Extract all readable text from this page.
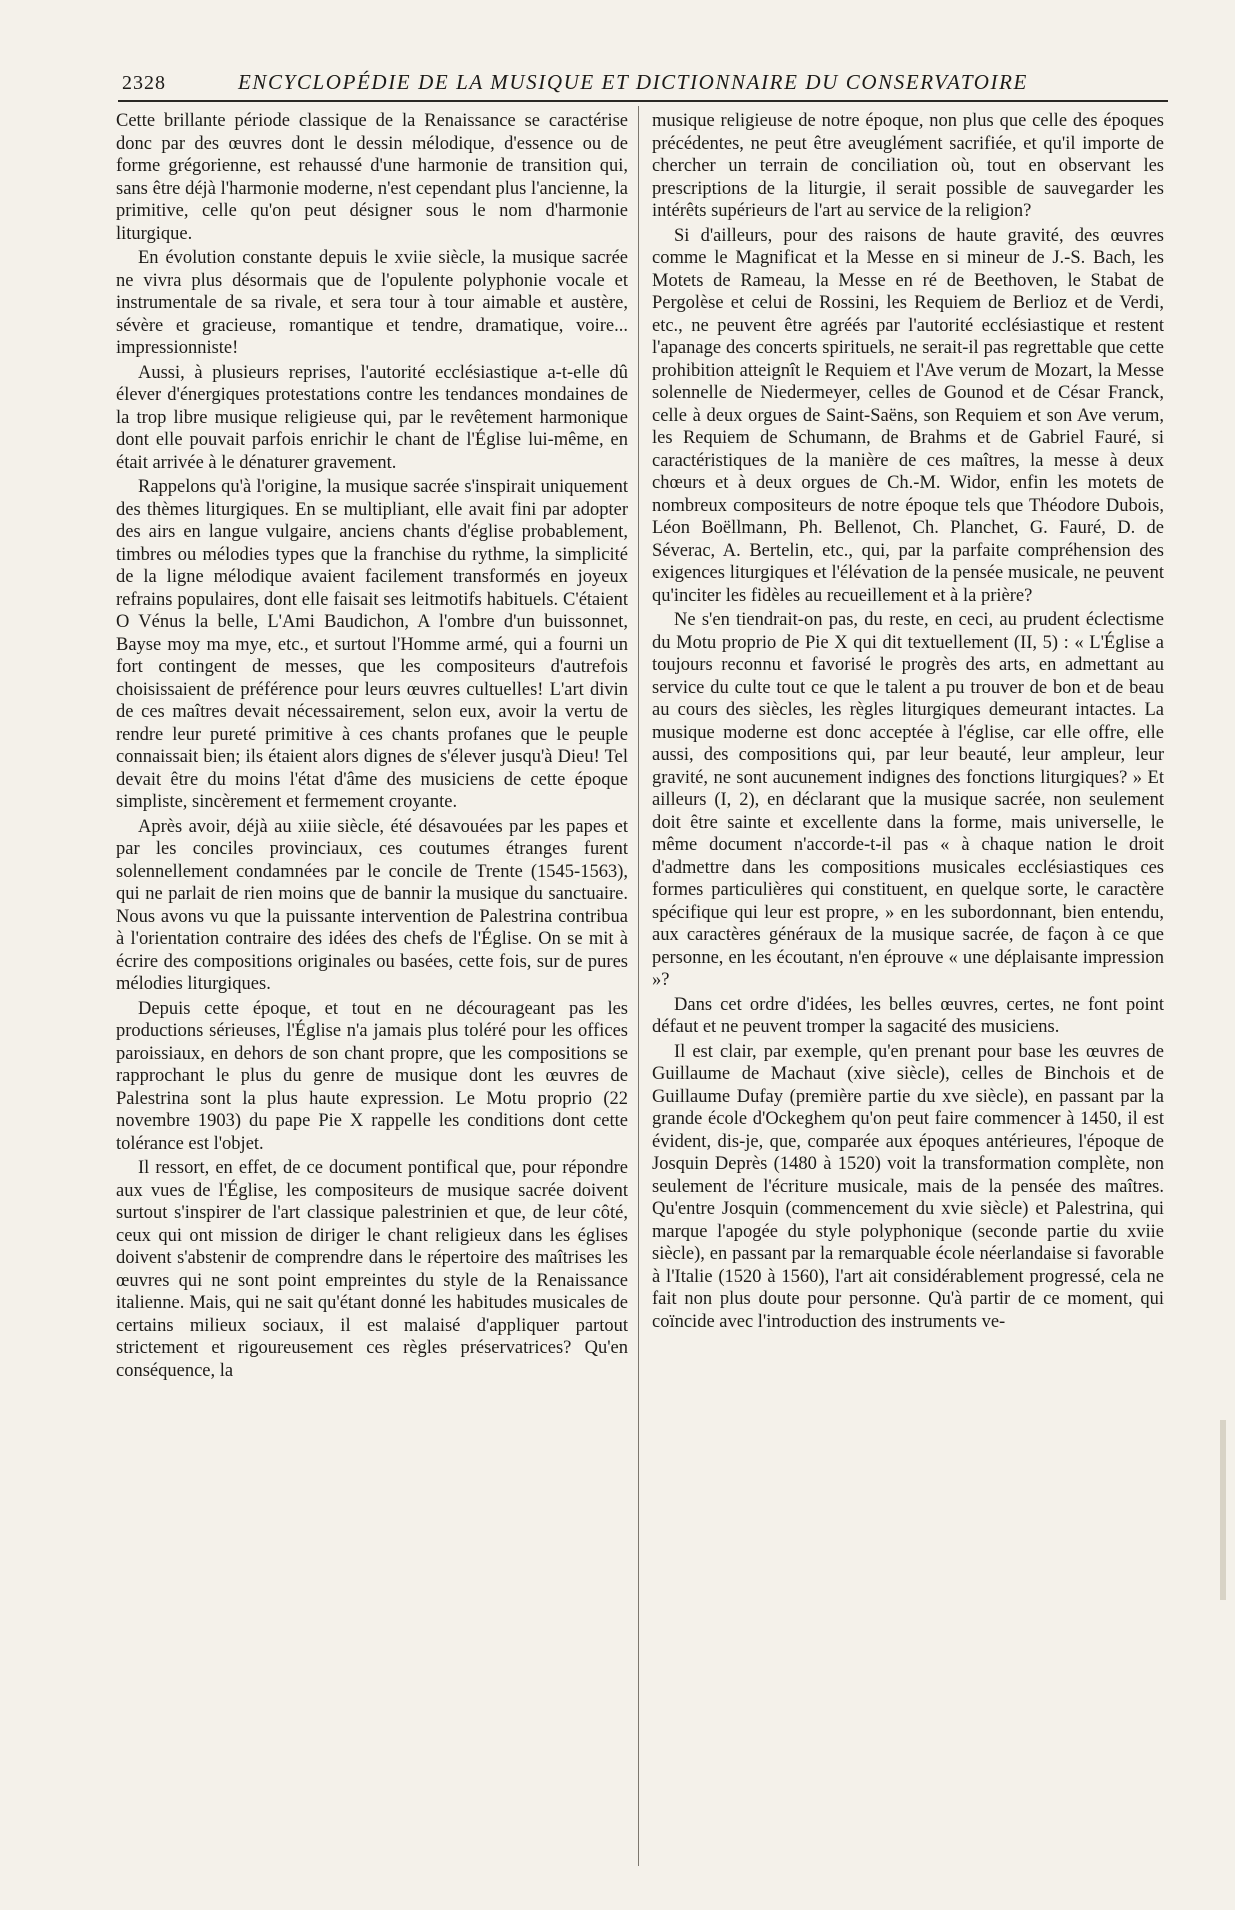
2328	ENCYCLOPÉDIE DE LA MUSIQUE ET DICTIONNAIRE DU CONSERVATOIRE

Cette brillante période classique de la Renaissance se caractérise donc par des œuvres dont le dessin mélodique, d'essence ou de forme grégorienne, est rehaussé d'une harmonie de transition qui, sans être déjà l'harmonie moderne, n'est cependant plus l'ancienne, la primitive, celle qu'on peut désigner sous le nom d'harmonie liturgique.

En évolution constante depuis le xviie siècle, la musique sacrée ne vivra plus désormais que de l'opulente polyphonie vocale et instrumentale de sa rivale, et sera tour à tour aimable et austère, sévère et gracieuse, romantique et tendre, dramatique, voire... impressionniste!

Aussi, à plusieurs reprises, l'autorité ecclésiastique a-t-elle dû élever d'énergiques protestations contre les tendances mondaines de la trop libre musique religieuse qui, par le revêtement harmonique dont elle pouvait parfois enrichir le chant de l'Église lui-même, en était arrivée à le dénaturer gravement.

Rappelons qu'à l'origine, la musique sacrée s'inspirait uniquement des thèmes liturgiques. En se multipliant, elle avait fini par adopter des airs en langue vulgaire, anciens chants d'église probablement, timbres ou mélodies types que la franchise du rythme, la simplicité de la ligne mélodique avaient facilement transformés en joyeux refrains populaires, dont elle faisait ses leitmotifs habituels. C'étaient O Vénus la belle, L'Ami Baudichon, A l'ombre d'un buissonnet, Bayse moy ma mye, etc., et surtout l'Homme armé, qui a fourni un fort contingent de messes, que les compositeurs d'autrefois choisissaient de préférence pour leurs œuvres cultuelles! L'art divin de ces maîtres devait nécessairement, selon eux, avoir la vertu de rendre leur pureté primitive à ces chants profanes que le peuple connaissait bien; ils étaient alors dignes de s'élever jusqu'à Dieu! Tel devait être du moins l'état d'âme des musiciens de cette époque simpliste, sincèrement et fermement croyante.

Après avoir, déjà au xiiie siècle, été désavouées par les papes et par les conciles provinciaux, ces coutumes étranges furent solennellement condamnées par le concile de Trente (1545-1563), qui ne parlait de rien moins que de bannir la musique du sanctuaire. Nous avons vu que la puissante intervention de Palestrina contribua à l'orientation contraire des idées des chefs de l'Église. On se mit à écrire des compositions originales ou basées, cette fois, sur de pures mélodies liturgiques.

Depuis cette époque, et tout en ne décourageant pas les productions sérieuses, l'Église n'a jamais plus toléré pour les offices paroissiaux, en dehors de son chant propre, que les compositions se rapprochant le plus du genre de musique dont les œuvres de Palestrina sont la plus haute expression. Le Motu proprio (22 novembre 1903) du pape Pie X rappelle les conditions dont cette tolérance est l'objet.

Il ressort, en effet, de ce document pontifical que, pour répondre aux vues de l'Église, les compositeurs de musique sacrée doivent surtout s'inspirer de l'art classique palestrinien et que, de leur côté, ceux qui ont mission de diriger le chant religieux dans les églises doivent s'abstenir de comprendre dans le répertoire des maîtrises les œuvres qui ne sont point empreintes du style de la Renaissance italienne. Mais, qui ne sait qu'étant donné les habitudes musicales de certains milieux sociaux, il est malaisé d'appliquer partout strictement et rigoureusement ces règles préservatrices? Qu'en conséquence, la

musique religieuse de notre époque, non plus que celle des époques précédentes, ne peut être aveuglément sacrifiée, et qu'il importe de chercher un terrain de conciliation où, tout en observant les prescriptions de la liturgie, il serait possible de sauvegarder les intérêts supérieurs de l'art au service de la religion?

Si d'ailleurs, pour des raisons de haute gravité, des œuvres comme le Magnificat et la Messe en si mineur de J.-S. Bach, les Motets de Rameau, la Messe en ré de Beethoven, le Stabat de Pergolèse et celui de Rossini, les Requiem de Berlioz et de Verdi, etc., ne peuvent être agréés par l'autorité ecclésiastique et restent l'apanage des concerts spirituels, ne serait-il pas regrettable que cette prohibition atteignît le Requiem et l'Ave verum de Mozart, la Messe solennelle de Niedermeyer, celles de Gounod et de César Franck, celle à deux orgues de Saint-Saëns, son Requiem et son Ave verum, les Requiem de Schumann, de Brahms et de Gabriel Fauré, si caractéristiques de la manière de ces maîtres, la messe à deux chœurs et à deux orgues de Ch.-M. Widor, enfin les motets de nombreux compositeurs de notre époque tels que Théodore Dubois, Léon Boëllmann, Ph. Bellenot, Ch. Planchet, G. Fauré, D. de Séverac, A. Bertelin, etc., qui, par la parfaite compréhension des exigences liturgiques et l'élévation de la pensée musicale, ne peuvent qu'inciter les fidèles au recueillement et à la prière?

Ne s'en tiendrait-on pas, du reste, en ceci, au prudent éclectisme du Motu proprio de Pie X qui dit textuellement (II, 5) : « L'Église a toujours reconnu et favorisé le progrès des arts, en admettant au service du culte tout ce que le talent a pu trouver de bon et de beau au cours des siècles, les règles liturgiques demeurant intactes. La musique moderne est donc acceptée à l'église, car elle offre, elle aussi, des compositions qui, par leur beauté, leur ampleur, leur gravité, ne sont aucunement indignes des fonctions liturgiques? » Et ailleurs (I, 2), en déclarant que la musique sacrée, non seulement doit être sainte et excellente dans la forme, mais universelle, le même document n'accorde-t-il pas « à chaque nation le droit d'admettre dans les compositions musicales ecclésiastiques ces formes particulières qui constituent, en quelque sorte, le caractère spécifique qui leur est propre, » en les subordonnant, bien entendu, aux caractères généraux de la musique sacrée, de façon à ce que personne, en les écoutant, n'en éprouve « une déplaisante impression »?

Dans cet ordre d'idées, les belles œuvres, certes, ne font point défaut et ne peuvent tromper la sagacité des musiciens.

Il est clair, par exemple, qu'en prenant pour base les œuvres de Guillaume de Machaut (xive siècle), celles de Binchois et de Guillaume Dufay (première partie du xve siècle), en passant par la grande école d'Ockeghem qu'on peut faire commencer à 1450, il est évident, dis-je, que, comparée aux époques antérieures, l'époque de Josquin Deprès (1480 à 1520) voit la transformation complète, non seulement de l'écriture musicale, mais de la pensée des maîtres. Qu'entre Josquin (commencement du xvie siècle) et Palestrina, qui marque l'apogée du style polyphonique (seconde partie du xviie siècle), en passant par la remarquable école néerlandaise si favorable à l'Italie (1520 à 1560), l'art ait considérablement progressé, cela ne fait non plus doute pour personne. Qu'à partir de ce moment, qui coïncide avec l'introduction des instruments ve-
